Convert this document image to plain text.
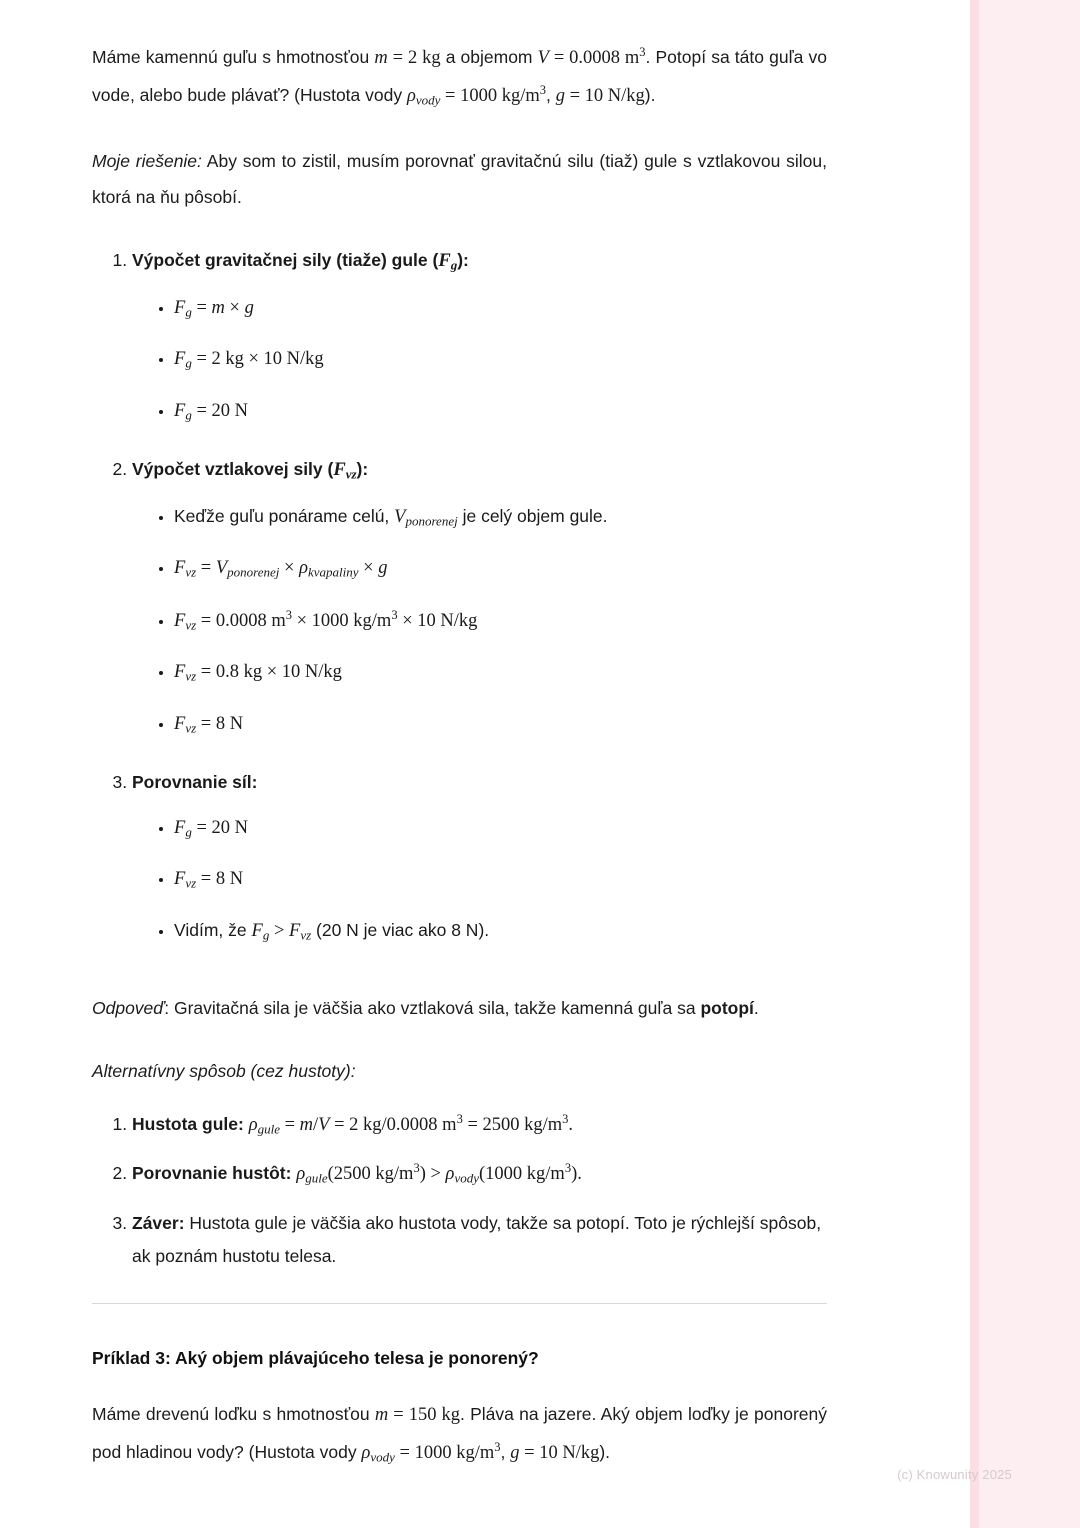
Máme kamennú guľu s hmotnosťou m = 2 kg a objemom V = 0.0008 $m^3$. Potopí sa táto guľa vo vode, alebo bude plávať? (Hustota vody $\rho_{vody} = 1000$ $kg/m^3$, g = 10 N/kg).

Moje riešenie: Aby som to zistil, musím porovnať gravitačnú silu (tiaž) gule s vztlakovou silou, ktorá na ňu pôsobí.

1. Výpočet gravitačnej sily (tiaže) gule $(F_g)$:
• $F_g = m \times g$
• $F_g = 2$ kg × 10 N/kg
• $F_g = 20$ N
2. Výpočet vztlakovej sily $(F_{vz})$:
• Keďže guľu ponárame celú, $V_{ponorenej}$ je celý objem gule.
• $F_{vz} = V_{ponorenej} \times \rho_{kvapaliny} \times g$
• $F_{vz} = 0.0008$ $m^3 \times 1000$ $kg/m^3 \times 10$ N/kg
• $F_{vz} = 0.8$ kg × 10 N/kg
• $F_{vz} = 8$ N
3. Porovnanie síl:
• $F_g = 20$ N
• $F_{vz} = 8$ N
• Vidím, že $F_g > F_{vz}$ (20 N je viac ako 8 N).

Odpoveď: Gravitačná sila je väčšia ako vztlaková sila, takže kamenná guľa sa potopí.

Alternatívny spôsob (cez hustoty):

1. Hustota gule: $\rho_{gule} = m/V = 2$ kg/0.0008 $m^3 = 2500$ $kg/m^3$.
2. Porovnanie hustôt: $\rho_{gule}(2500$ $kg/m^3) > \rho_{vody}(1000$ $kg/m^3$).
3. Záver: Hustota gule je väčšia ako hustota vody, takže sa potopí. Toto je rýchlejší spôsob, ak poznám hustotu telesa.
Príklad 3: Aký objem plávajúceho telesa je ponorený?

Máme drevenú loďku s hmotnosťou m = 150 kg. Pláva na jazere. Aký objem loďky je ponorený pod hladinou vody? (Hustota vody $\rho_{vody} = 1000$ $kg/m^3$, g = 10 N/kg).

(c) Knowunity 2025
